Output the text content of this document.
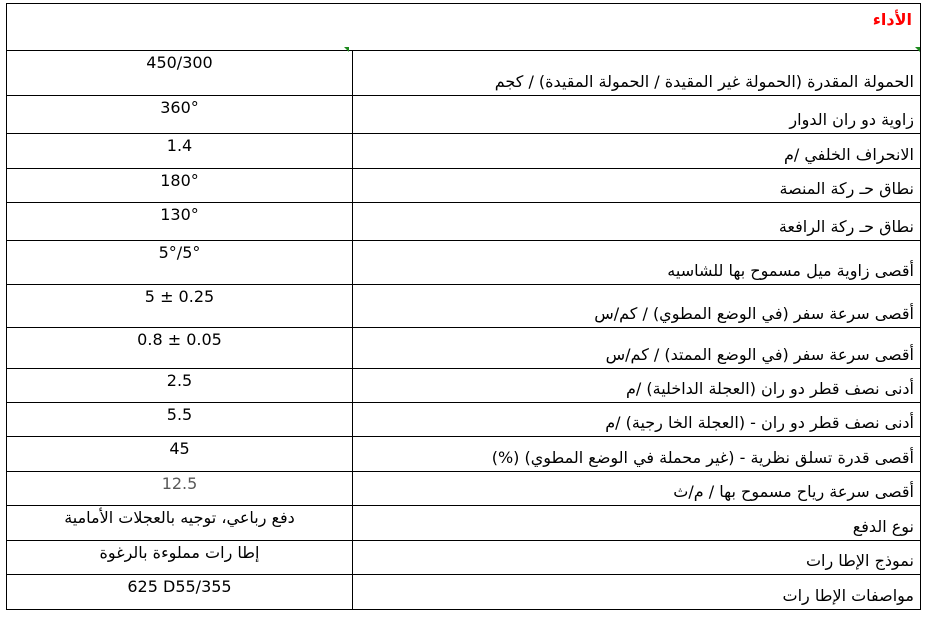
الأداء	
450/300	الحمولة المقدرة (الحمولة غير المقيدة / الحمولة المقيدة) / كجم
360°	زاوية دو ران الدوار
1.4	الانحراف الخلفي /م
180°	نطاق حـ ركة المنصة
130°	نطاق حـ ركة الرافعة
5°/5°	أقصى زاوية ميل مسموح بها للشاسيه
5 ± 0.25	أقصى سرعة سفر (في الوضع المطوي) / كم/س
0.8 ± 0.05	أقصى سرعة سفر (في الوضع الممتد) / كم/س
2.5	أدنى نصف قطر دو ران (العجلة الداخلية) /م
5.5	أدنى نصف قطر دو ران - (العجلة الخا رجية) /م
45	أقصى قدرة تسلق نظرية - (غير محملة في الوضع المطوي) (%)
12.5	أقصى سرعة رياح مسموح بها / م/ث
دفع رباعي، توجيه بالعجلات الأمامية	نوع الدفع
إطا رات مملوءة بالرغوة	نموذج الإطا رات
625 D55/355	مواصفات الإطا رات
